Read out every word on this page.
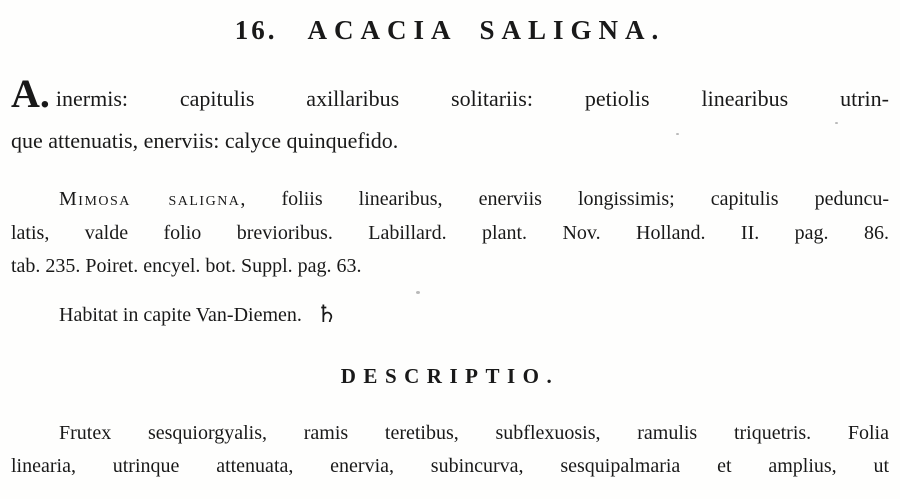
16. ACACIA SALIGNA.
A. inermis: capitulis axillaribus solitariis: petiolis linearibus utrin-
que attenuatis, enerviis: calyce quinquefido.
Mimosa saligna, foliis linearibus, enerviis longissimis; capitulis peduncu-
latis, valde folio brevioribus. Labillard. plant. Nov. Holland. II. pag. 86.
tab. 235. Poiret. encyel. bot. Suppl. pag. 63.
Habitat in capite Van-Diemen. ♄
DESCRIPTIO.
Frutex sesquiorgyalis, ramis teretibus, subflexuosis, ramulis triquetris. Folia
linearia, utrinque attenuata, enervia, subincurva, sesquipalmaria et amplius, ut
